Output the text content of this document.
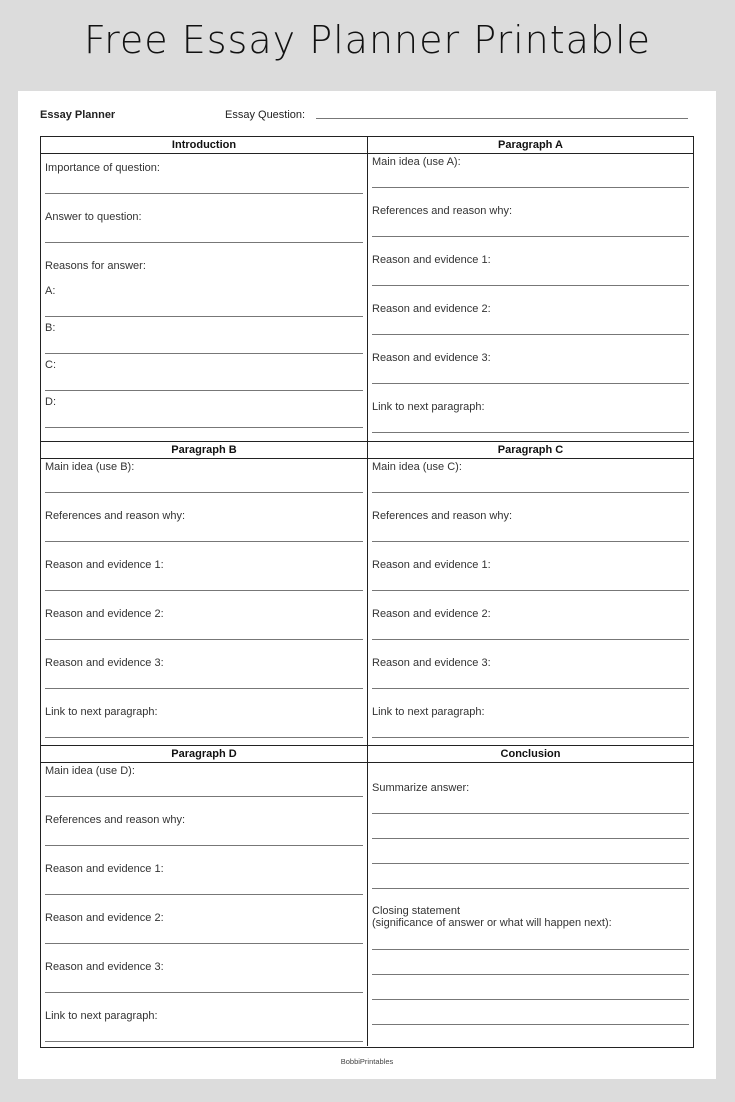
Free Essay Planner Printable
Essay Planner	Essay Question:
Introduction
Importance of question:
Answer to question:
Reasons for answer:
A:
B:
C:
D:
Paragraph A
Main idea (use A):
References and reason why:
Reason and evidence 1:
Reason and evidence 2:
Reason and evidence 3:
Link to next paragraph:
Paragraph B
Main idea (use B):
References and reason why:
Reason and evidence 1:
Reason and evidence 2:
Reason and evidence 3:
Link to next paragraph:
Paragraph C
Main idea (use C):
References and reason why:
Reason and evidence 1:
Reason and evidence 2:
Reason and evidence 3:
Link to next paragraph:
Paragraph D
Main idea (use D):
References and reason why:
Reason and evidence 1:
Reason and evidence 2:
Reason and evidence 3:
Link to next paragraph:
Conclusion
Summarize answer:
Closing statement
(significance of answer or what will happen next):
BobbiPrintables
